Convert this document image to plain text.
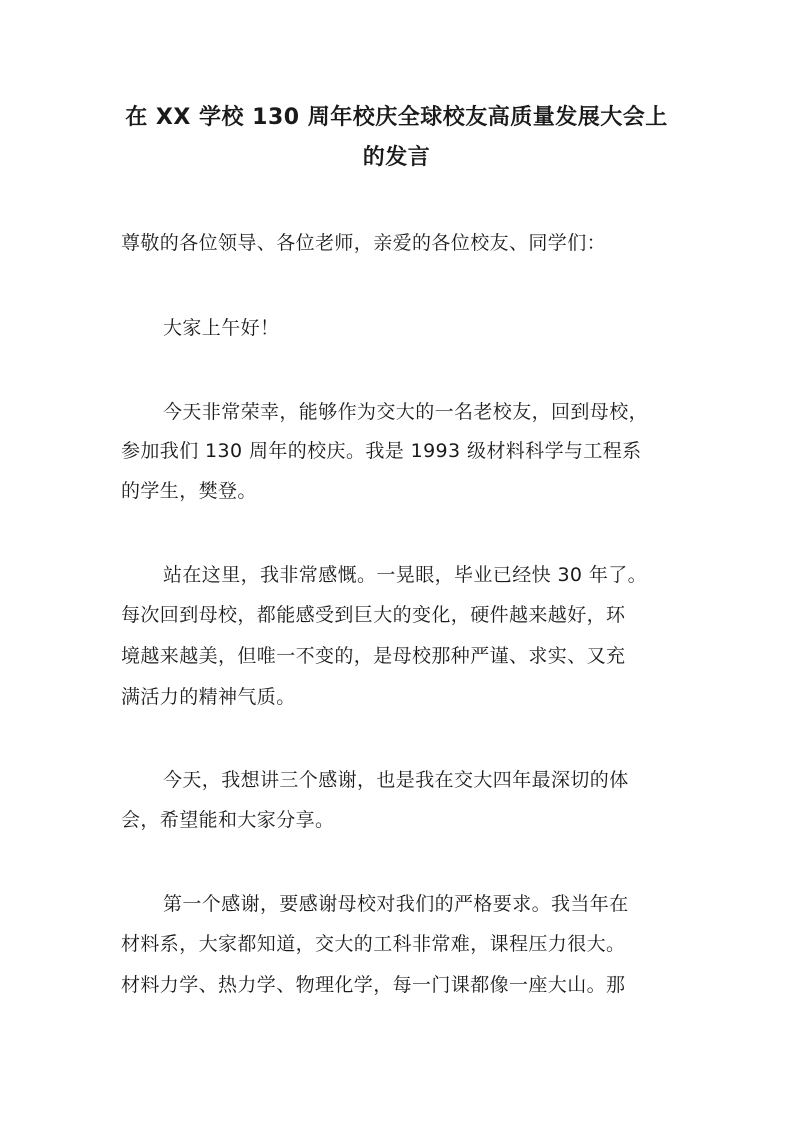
在 XX 学校 130 周年校庆全球校友高质量发展大会上
的发言

尊敬的各位领导、各位老师，亲爱的各位校友、同学们：

大家上午好！

今天非常荣幸，能够作为交大的一名老校友，回到母校，

参加我们 130 周年的校庆。我是 1993 级材料科学与工程系

的学生，樊登。

站在这里，我非常感慨。一晃眼，毕业已经快 30 年了。

每次回到母校，都能感受到巨大的变化，硬件越来越好，环

境越来越美，但唯一不变的，是母校那种严谨、求实、又充

满活力的精神气质。

今天，我想讲三个感谢，也是我在交大四年最深切的体

会，希望能和大家分享。

第一个感谢，要感谢母校对我们的严格要求。我当年在

材料系，大家都知道，交大的工科非常难，课程压力很大。

材料力学、热力学、物理化学，每一门课都像一座大山。那
